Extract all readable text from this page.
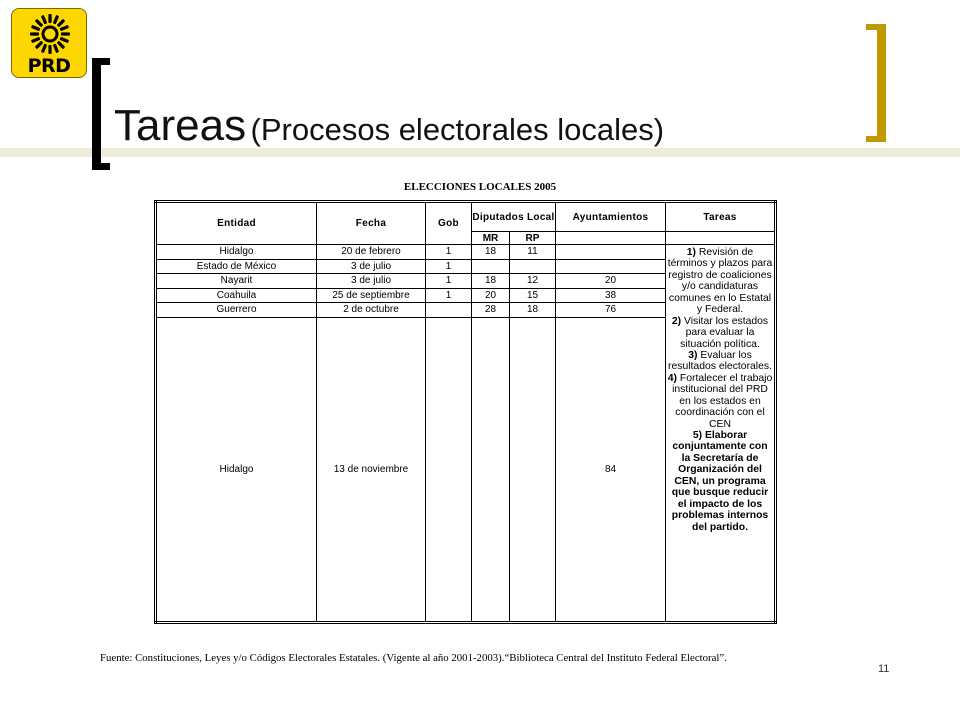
PRD
Tareas (Procesos electorales locales)
ELECCIONES LOCALES 2005
Entidad	Fecha	Gob	Diputados Local		Ayuntamientos	Tareas
			MR	RP		
Hidalgo	20 de febrero	1	18	11		1) Revisión de términos y plazos para registro de coaliciones y/o candidaturas comunes en lo Estatal y Federal.
2) Visitar los estados para evaluar la situación política.
3) Evaluar los resultados electorales.
4) Fortalecer el trabajo institucional del PRD en los estados en coordinación con el CEN
5) Elaborar conjuntamente con la Secretaría de Organización del CEN, un programa que busque reducir el impacto de los problemas internos del partido.

Estado de México	3 de julio	1				
Nayarit	3 de julio	1	18	12	20	
Coahuila	25 de septiembre	1	20	15	38	
Guerrero	2 de octubre		28	18	76	
Hidalgo	13 de noviembre				84	
Fuente: Constituciones, Leyes y/o Códigos Electorales Estatales. (Vigente al año 2001-2003).“Biblioteca Central del Instituto Federal Electoral”.
11
